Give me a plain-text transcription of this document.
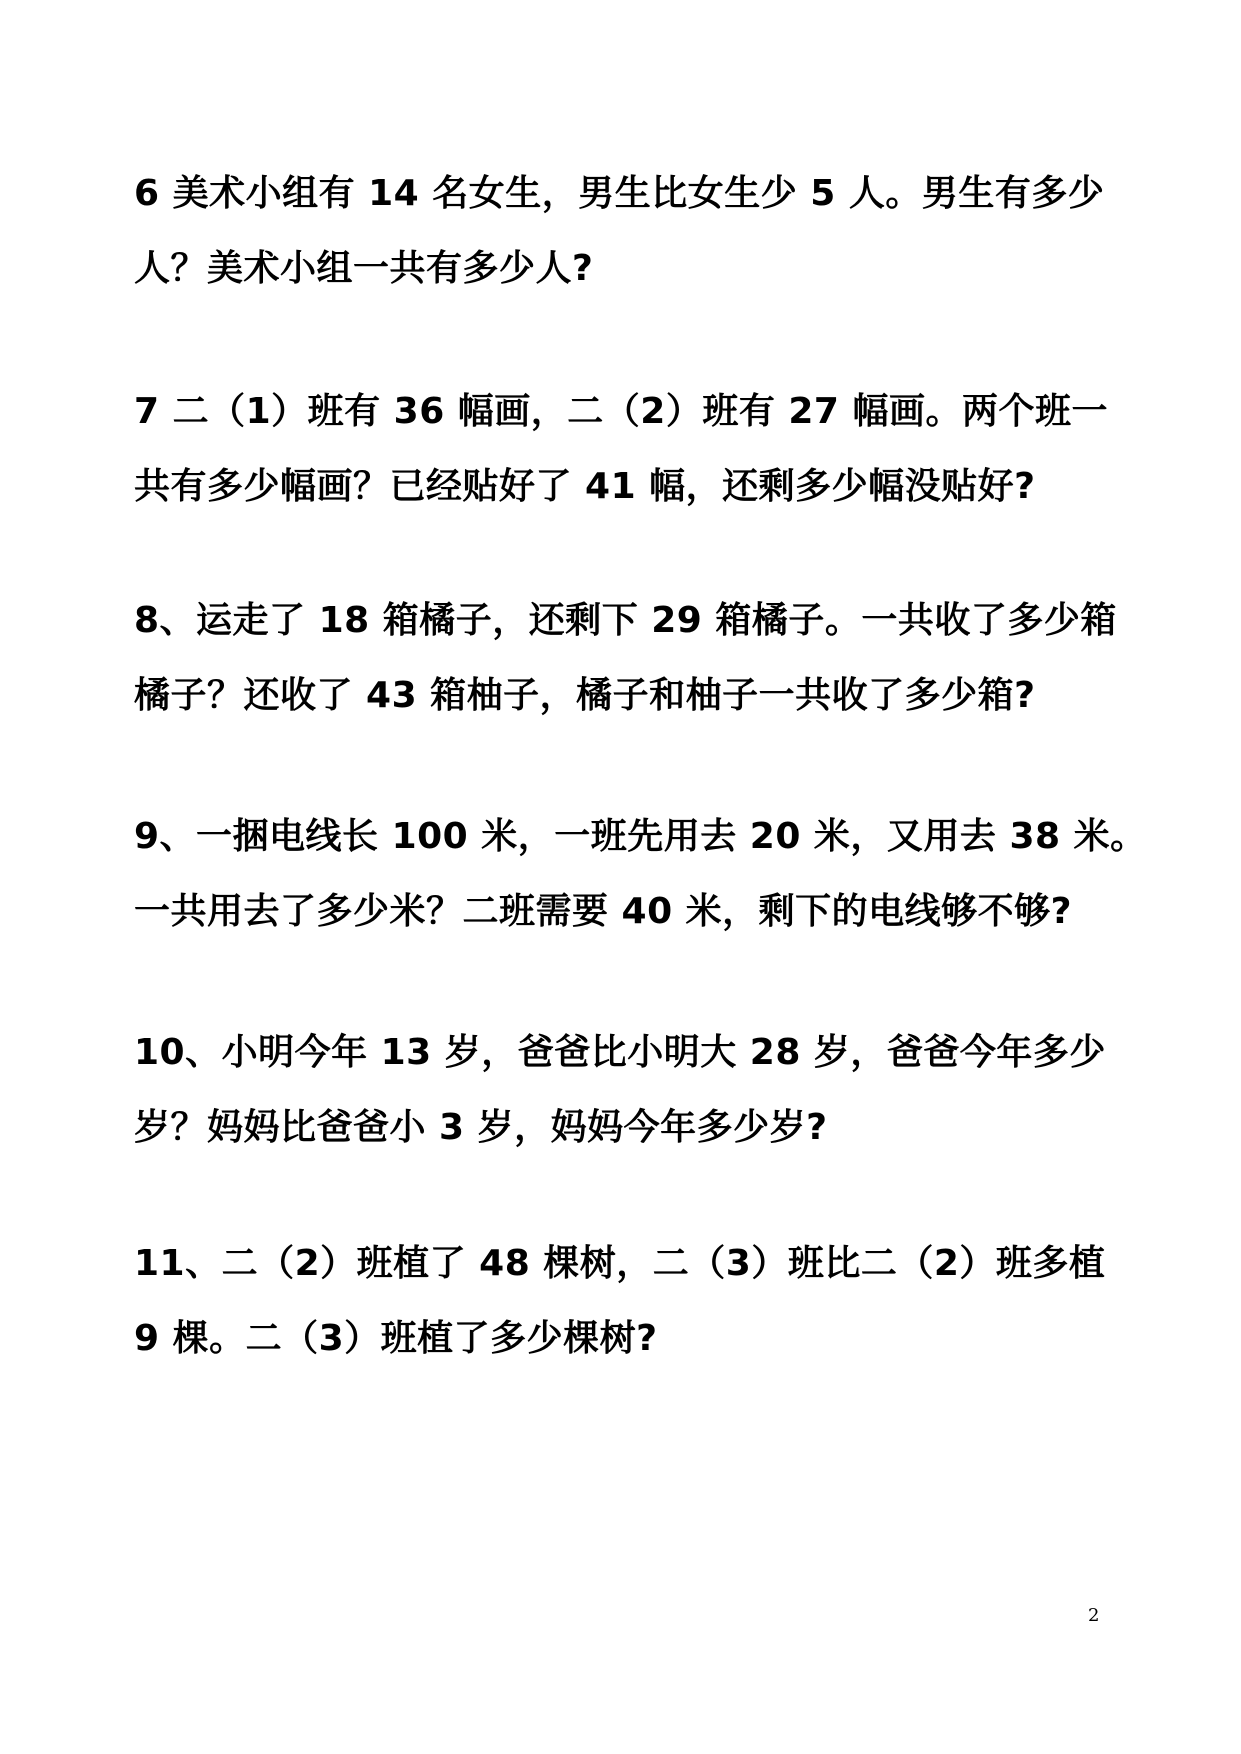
6 美术小组有 14 名女生，男生比女生少 5 人。男生有多少
人？美术小组一共有多少人?
7 二（1）班有 36 幅画，二（2）班有 27 幅画。两个班一
共有多少幅画？已经贴好了 41 幅，还剩多少幅没贴好?
8、运走了 18 箱橘子，还剩下 29 箱橘子。一共收了多少箱
橘子？还收了 43 箱柚子，橘子和柚子一共收了多少箱?
9、一捆电线长 100 米，一班先用去 20 米，又用去 38 米。
一共用去了多少米？二班需要 40 米，剩下的电线够不够?
10、小明今年 13 岁，爸爸比小明大 28 岁，爸爸今年多少
岁？妈妈比爸爸小 3 岁，妈妈今年多少岁?
11、二（2）班植了 48 棵树，二（3）班比二（2）班多植
9 棵。二（3）班植了多少棵树?
2
